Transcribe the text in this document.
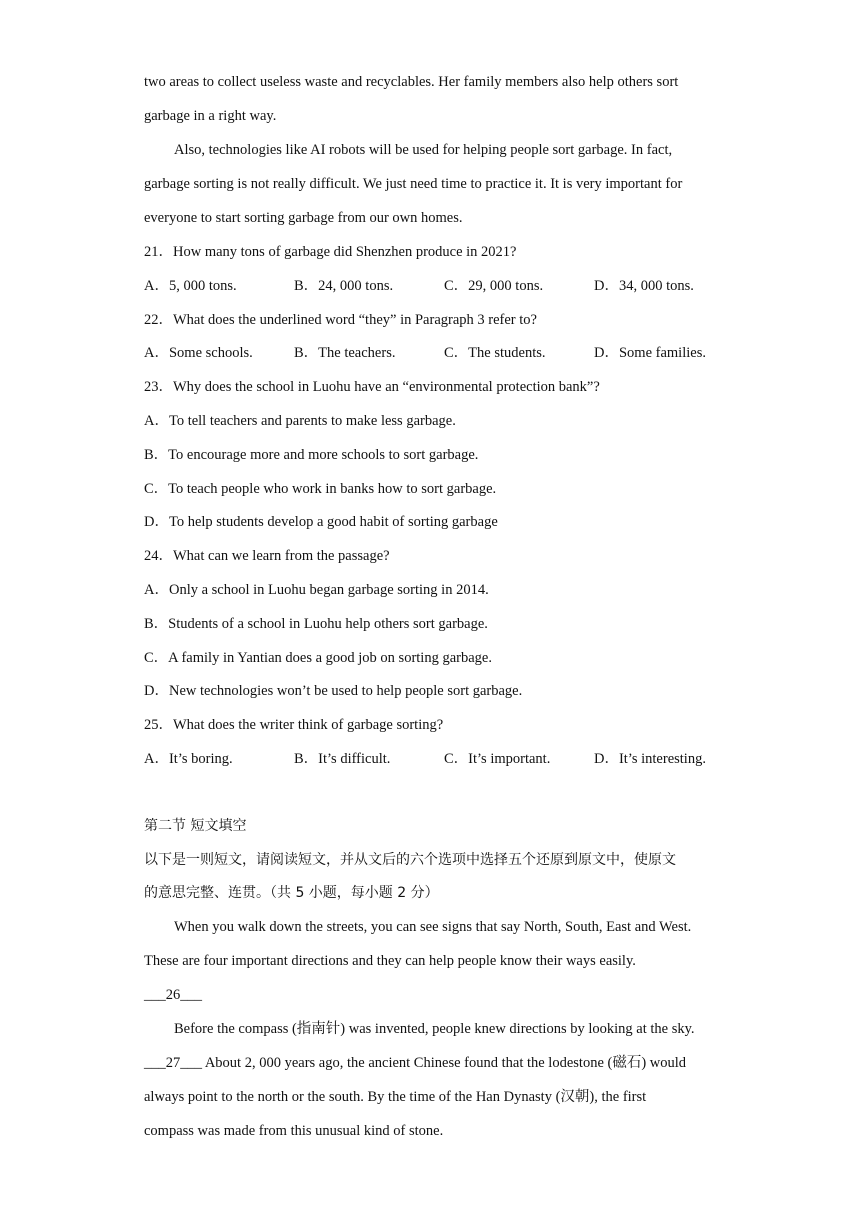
two areas to collect useless waste and recyclables. Her family members also help others sort
garbage in a right way.
Also, technologies like AI robots will be used for helping people sort garbage. In fact,
garbage sorting is not really difficult. We just need time to practice it. It is very important for
everyone to start sorting garbage from our own homes.
21．How many tons of garbage did Shenzhen produce in 2021?
A．5, 000 tons.	B．24, 000 tons.	C．29, 000 tons.	D．34, 000 tons.
22．What does the underlined word “they” in Paragraph 3 refer to?
A．Some schools.	B．The teachers.	C．The students.	D．Some families.
23．Why does the school in Luohu have an “environmental protection bank”?
A．To tell teachers and parents to make less garbage.
B．To encourage more and more schools to sort garbage.
C．To teach people who work in banks how to sort garbage.
D．To help students develop a good habit of sorting garbage
24．What can we learn from the passage?
A．Only a school in Luohu began garbage sorting in 2014.
B．Students of a school in Luohu help others sort garbage.
C．A family in Yantian does a good job on sorting garbage.
D．New technologies won’t be used to help people sort garbage.
25．What does the writer think of garbage sorting?
A．It’s boring.	B．It’s difficult.	C．It’s important.	D．It’s interesting.
第二节 短文填空
以下是一则短文，请阅读短文，并从文后的六个选项中选择五个还原到原文中，使原文
的意思完整、连贯。（共 5 小题，每小题 2 分）
When you walk down the streets, you can see signs that say North, South, East and West.
These are four important directions and they can help people know their ways easily.
___26___
Before the compass (指南针) was invented, people knew directions by looking at the sky.
___27___ About 2, 000 years ago, the ancient Chinese found that the lodestone (磁石) would
always point to the north or the south. By the time of the Han Dynasty (汉朝), the first
compass was made from this unusual kind of stone.
